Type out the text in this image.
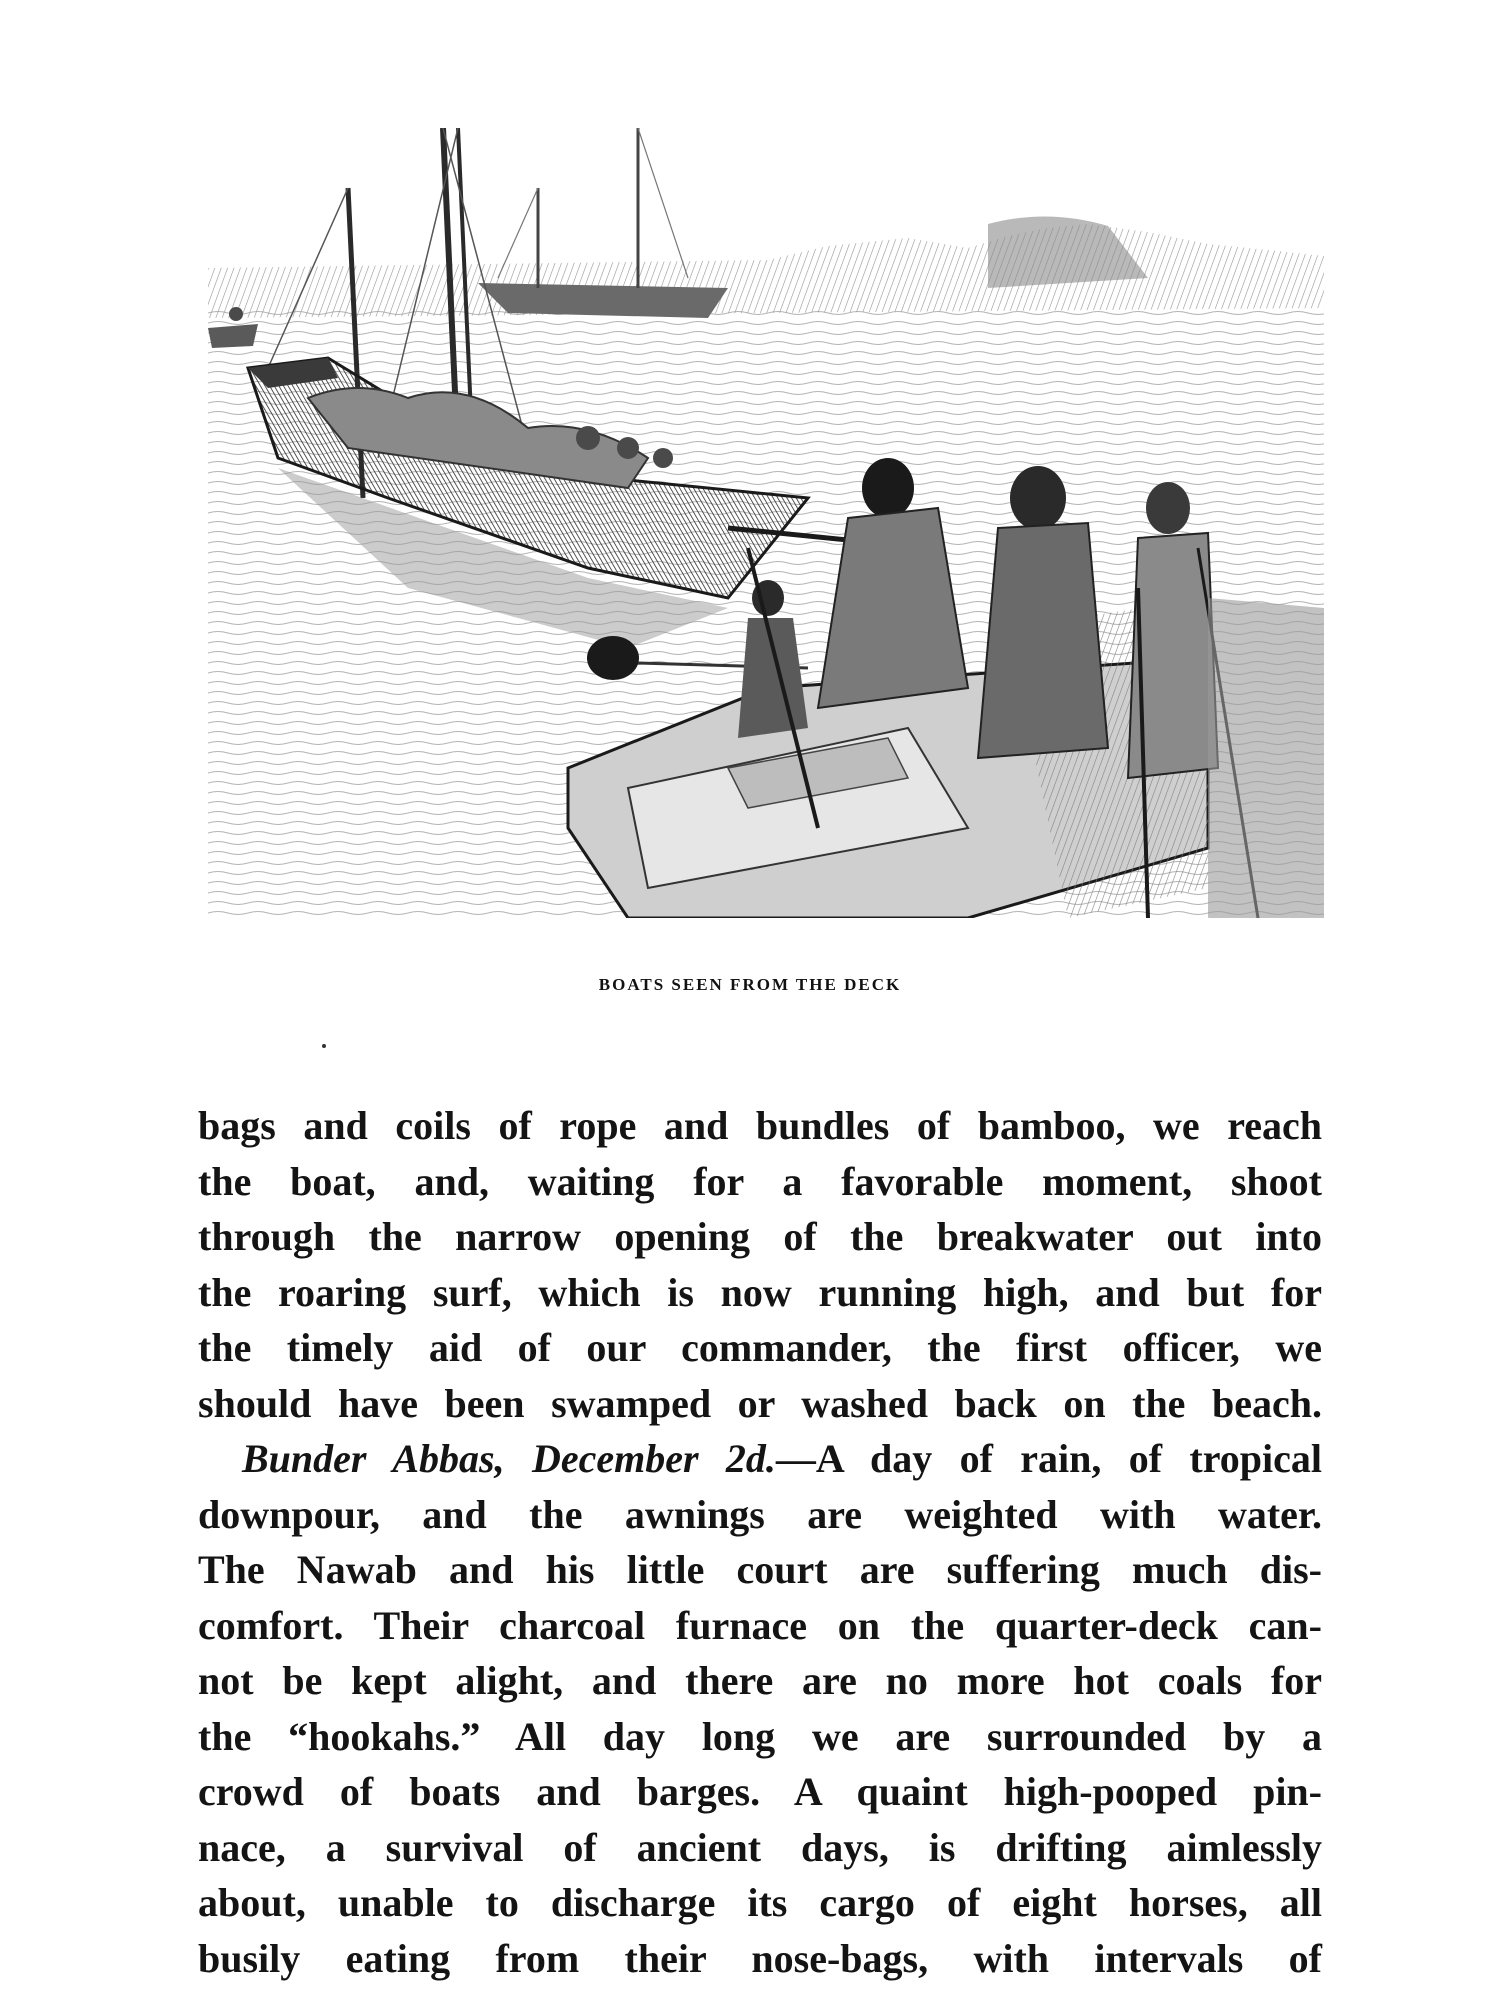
BOATS SEEN FROM THE DECK
bags and coils of rope and bundles of bamboo, we reach
the boat, and, waiting for a favorable moment, shoot
through the narrow opening of the breakwater out into
the roaring surf, which is now running high, and but for
the timely aid of our commander, the first officer, we
should have been swamped or washed back on the beach.
Bunder Abbas, December 2d.—A day of rain, of tropical
downpour, and the awnings are weighted with water.
The Nawab and his little court are suffering much dis-
comfort. Their charcoal furnace on the quarter-deck can-
not be kept alight, and there are no more hot coals for
the “hookahs.” All day long we are surrounded by a
crowd of boats and barges. A quaint high-pooped pin-
nace, a survival of ancient days, is drifting aimlessly
about, unable to discharge its cargo of eight horses, all
busily eating from their nose-bags, with intervals of
